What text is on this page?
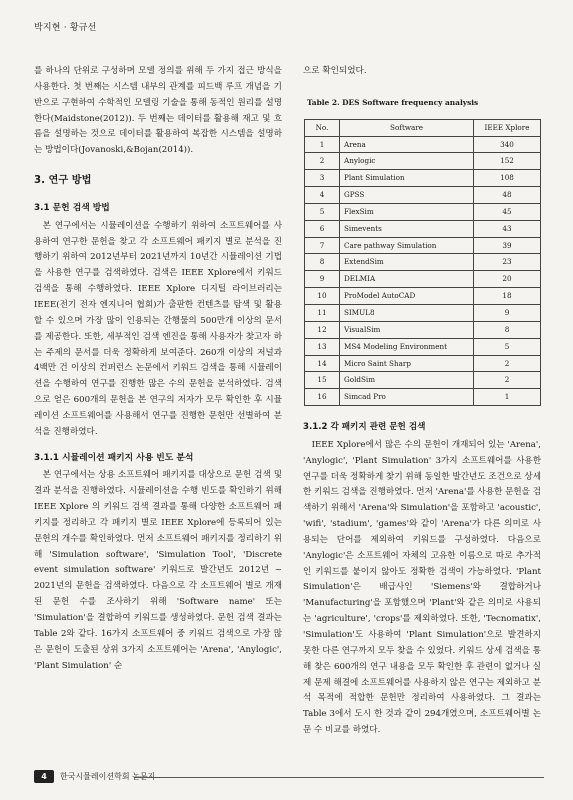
박지현 · 황규선

를 하나의 단위로 구성하며 모델 정의를 위해 두 가지 접근 방식을 사용한다. 첫 번째는 시스템 내부의 관계를 피드백 루프 개념을 기반으로 구현하여 수학적인 모델링 기술을 통해 동적인 원리를 설명한다(Maidstone(2012)). 두 번째는 데이터를 활용해 재고 및 흐름을 설명하는 것으로 데이터를 활용하여 복잡한 시스템을 설명하는 방법이다(Jovanoski,&Bojan(2014)).

3. 연구 방법
3.1 문헌 검색 방법

본 연구에서는 시뮬레이션을 수행하기 위하여 소프트웨어를 사용하여 연구한 문헌을 찾고 각 소프트웨어 패키지 별로 분석을 진행하기 위하여 2012년부터 2021년까지 10년간 시뮬레이션 기법을 사용한 연구를 검색하였다. 검색은 IEEE Xplore에서 키워드 검색을 통해 수행하였다. IEEE Xplore 디지털 라이브러리는 IEEE(전기 전자 엔지니어 협회)가 출판한 컨텐츠를 탐색 및 활용할 수 있으며 가장 많이 인용되는 간행물의 500만개 이상의 문서를 제공한다. 또한, 세부적인 검색 엔진을 통해 사용자가 찾고자 하는 주제의 문서를 더욱 정확하게 보여준다. 260개 이상의 저널과 4백만 건 이상의 컨퍼런스 논문에서 키워드 검색을 통해 시뮬레이션을 수행하여 연구를 진행한 많은 수의 문헌을 분석하였다. 검색으로 얻은 600개의 문헌을 본 연구의 저자가 모두 확인한 후 시뮬레이션 소프트웨어를 사용해서 연구를 진행한 문헌만 선별하여 분석을 진행하였다.

3.1.1 시뮬레이션 패키지 사용 빈도 분석

본 연구에서는 상용 소프트웨어 패키지를 대상으로 문헌 검색 및 결과 분석을 진행하였다. 시뮬레이션을 수행 빈도를 확인하기 위해 IEEE Xplore 의 키워드 검색 결과를 통해 다양한 소프트웨어 패키지를 정리하고 각 패키지 별로 IEEE Xplore에 등록되어 있는 문헌의 개수를 확인하였다. 먼저 소프트웨어 패키지를 정리하기 위해 'Simulation software', 'Simulation Tool', 'Discrete event simulation software' 키워드로 발간년도 2012년 ~ 2021년의 문헌을 검색하였다. 다음으로 각 소프트웨어 별로 개재된 문헌 수를 조사하기 위해 'Software name' 또는 'Simulation'을 결합하여 키워드를 생성하였다. 문헌 검색 결과는 Table 2와 같다. 16가지 소프트웨어 중 키워드 검색으로 가장 많은 문헌이 도출된 상위 3가지 소프트웨어는 'Arena', 'Anylogic', 'Plant Simulation' 순

으로 확인되었다.

Table 2. DES Software frequency analysis
No.	Software	IEEE Xplore
1	Arena	340
2	Anylogic	152
3	Plant Simulation	108
4	GPSS	48
5	FlexSim	45
6	Simevents	43
7	Care pathway Simulation	39
8	ExtendSim	23
9	DELMIA	20
10	ProModel AutoCAD	18
11	SIMUL8	9
12	VisualSim	8
13	MS4 Modeling Environment	5
14	Micro Saint Sharp	2
15	GoldSim	2
16	Simcad Pro	1
3.1.2 각 패키지 관련 문헌 검색

IEEE Xplore에서 많은 수의 문헌이 개재되어 있는 'Arena', 'Anylogic', 'Plant Simulation' 3가지 소프트웨어를 사용한 연구를 더욱 정확하게 찾기 위해 동일한 발간년도 조건으로 상세한 키워드 검색을 진행하였다. 먼저 'Arena'를 사용한 문헌을 검색하기 위해서 'Arena'와 Simulation'을 포함하고 'acoustic', 'wifi', 'stadium', 'games'와 같이 'Arena'가 다른 의미로 사용되는 단어를 제외하여 키워드를 구성하였다. 다음으로 'Anylogic'은 소프트웨어 자체의 고유한 이름으로 따로 추가적인 키워드를 붙이지 않아도 정확한 검색이 가능하였다. 'Plant Simulation'은 배급사인 'Siemens'와 결합하거나 'Manufacturing'을 포함했으며 'Plant'와 같은 의미로 사용되는 'agriculture', 'crops'를 제외하였다. 또한, 'Tecnomatix', 'Simulation'도 사용하여 'Plant Simulation'으로 발견하지 못한 다른 연구까지 모두 찾을 수 있었다. 키워드 상세 검색을 통해 찾은 600개의 연구 내용을 모두 확인한 후 관련이 없거나 실제 문제 해결에 소프트웨어를 사용하지 않은 연구는 제외하고 분석 목적에 적합한 문헌만 정리하여 사용하였다. 그 결과는 Table 3에서 도시 한 것과 같이 294개였으며, 소프트웨어별 논문 수 비교를 하였다.

4	한국시뮬레이션학회 논문지
